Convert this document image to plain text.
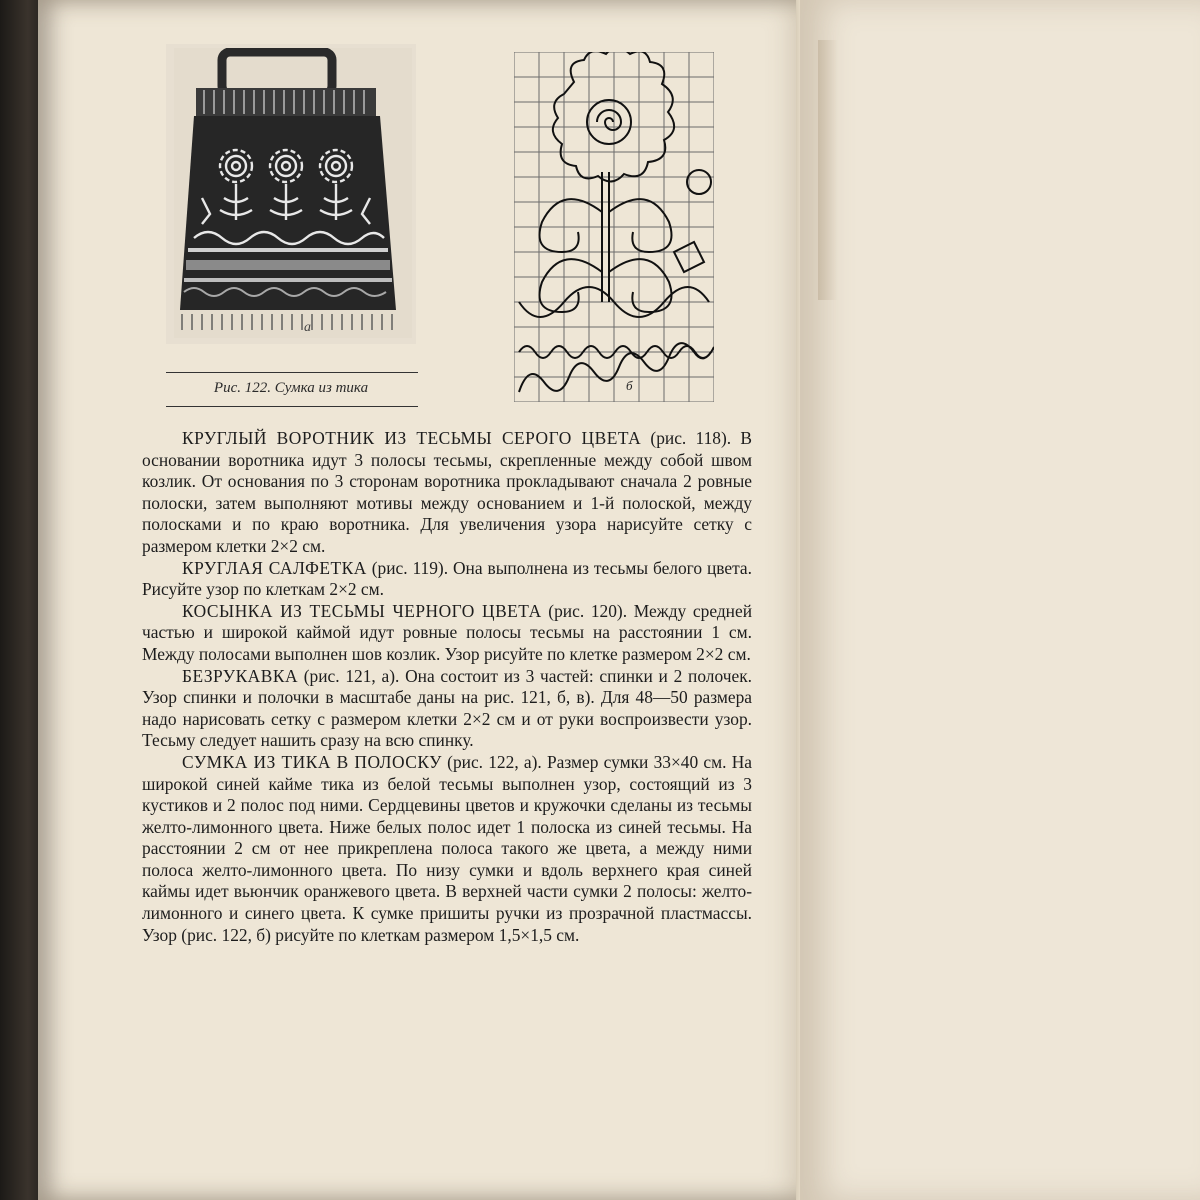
а
Рис. 122. Сумка из тика	б

КРУГЛЫЙ ВОРОТНИК ИЗ ТЕСЬМЫ СЕРОГО ЦВЕТА (рис. 118). В основании воротника идут 3 полосы тесьмы, скрепленные между собой швом козлик. От основания по 3 сторонам воротника прокладывают сначала 2 ровные полоски, затем выполняют мотивы между основанием и 1-й полоской, между полосками и по краю воротника. Для увеличения узора нарисуйте сетку с размером клетки 2×2 см.

КРУГЛАЯ САЛФЕТКА (рис. 119). Она выполнена из тесьмы белого цвета. Рисуйте узор по клеткам 2×2 см.

КОСЫНКА ИЗ ТЕСЬМЫ ЧЕРНОГО ЦВЕТА (рис. 120). Между средней частью и широкой каймой идут ровные полосы тесьмы на расстоянии 1 см. Между полосами выполнен шов козлик. Узор рисуйте по клетке размером 2×2 см.

БЕЗРУКАВКА (рис. 121, а). Она состоит из 3 частей: спинки и 2 полочек. Узор спинки и полочки в масштабе даны на рис. 121, б, в). Для 48—50 размера надо нарисовать сетку с размером клетки 2×2 см и от руки воспроизвести узор. Тесьму следует нашить сразу на всю спинку.

СУМКА ИЗ ТИКА В ПОЛОСКУ (рис. 122, а). Размер сумки 33×40 см. На широкой синей кайме тика из белой тесьмы выполнен узор, состоящий из 3 кустиков и 2 полос под ними. Сердцевины цветов и кружочки сделаны из тесьмы желто-лимонного цвета. Ниже белых полос идет 1 полоска из синей тесьмы. На расстоянии 2 см от нее прикреплена полоса такого же цвета, а между ними полоса желто-лимонного цвета. По низу сумки и вдоль верхнего края синей каймы идет вьюнчик оранжевого цвета. В верхней части сумки 2 полосы: желто-лимонного и синего цвета. К сумке пришиты ручки из прозрачной пластмассы. Узор (рис. 122, б) рисуйте по клеткам размером 1,5×1,5 см.
